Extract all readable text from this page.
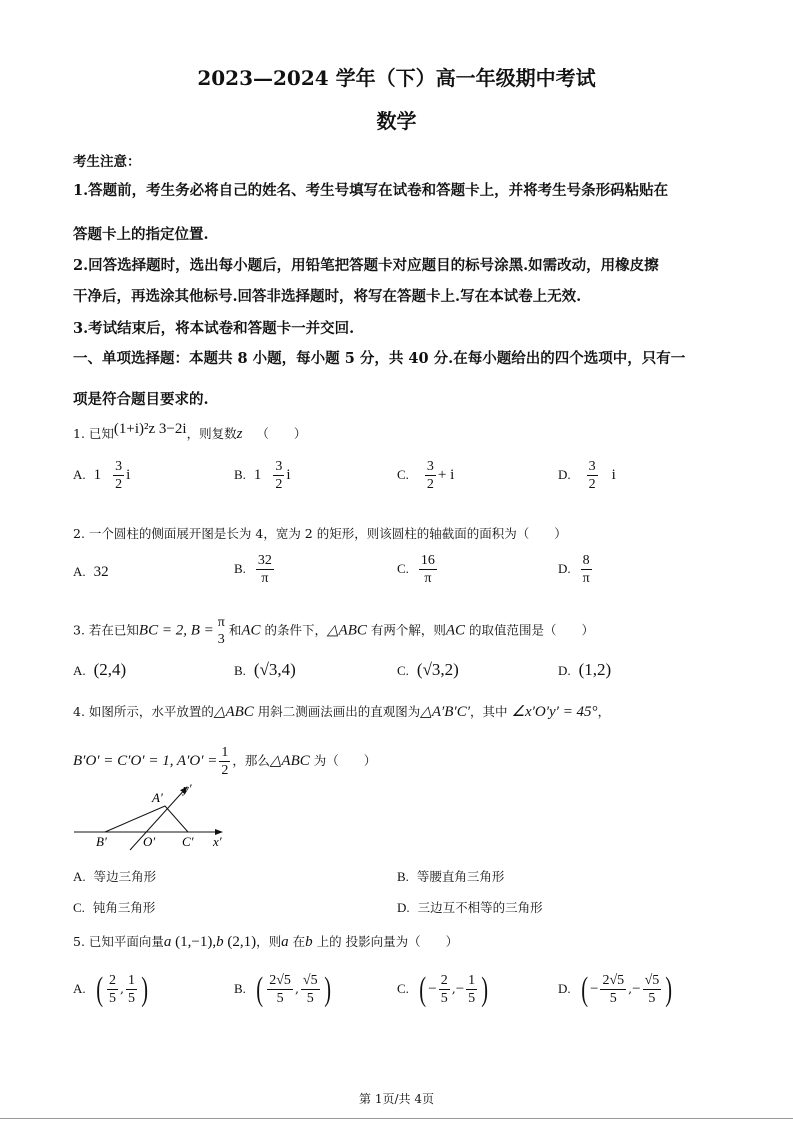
2023—2024 学年（下）高一年级期中考试
数学
考生注意：
1.答题前，考生务必将自己的姓名、考生号填写在试卷和答题卡上，并将考生号条形码粘贴在
答题卡上的指定位置.
2.回答选择题时，选出每小题后，用铅笔把答题卡对应题目的标号涂黑.如需改动，用橡皮擦
干净后，再选涂其他标号.回答非选择题时，将写在答题卡上.写在本试卷上无效.
3.考试结束后，将本试卷和答题卡一并交回.
一、单项选择题：本题共 8 小题，每小题 5 分，共 40 分.在每小题给出的四个选项中，只有一
项是符合题目要求的.
1. 已知(1+i)²z 3−2i，则复数z （　　）
A. $1 \frac{3}{2}$ i	B. $1 \frac{3}{2}$ i	C. $\frac{3}{2} + i$	D. $\frac{3}{2}$ i
2. 一个圆柱的侧面展开图是长为 4，宽为 2 的矩形，则该圆柱的轴截面的面积为（　　）
A. 32	B. $\frac{32}{\pi}$	C. $\frac{16}{\pi}$	D. $\frac{8}{\pi}$
3. 若在已知BC = 2, B = π
3
和AC 的条件下，△ABC 有两个解，则AC 的取值范围是（　　）
A. (2,4)	B. (√3,4)	C. (√3,2)	D. (1,2)
4. 如图所示，水平放置的△ABC 用斜二测画法画出的直观图为△A′B′C′，其中 ∠x′O′y′ = 45°，
B′O′ = C′O′ = 1, $A'O' = \frac{1}{2}$ ，那么△ABC 为（　　）
A′
y′
B′	O′ C′ x′
A. 等边三角形	B. 等腰直角三角形
C. 钝角三角形	D. 三边互不相等的三角形
5. 已知平面向量a (1,−1),b (2,1)，则a 在b 上的 投影向量为（　　）
A. ( $\frac{2}{5}$ , $\frac{1}{5}$ )	B. ( $\frac{2√5}{5}$ , $\frac{√5}{5}$ )	C. ( − $\frac{2}{5}$ ,− $\frac{1}{5}$ )	D. ( − $\frac{2√5}{5}$ ,− $\frac{√5}{5}$ )
第 1页/共 4页
